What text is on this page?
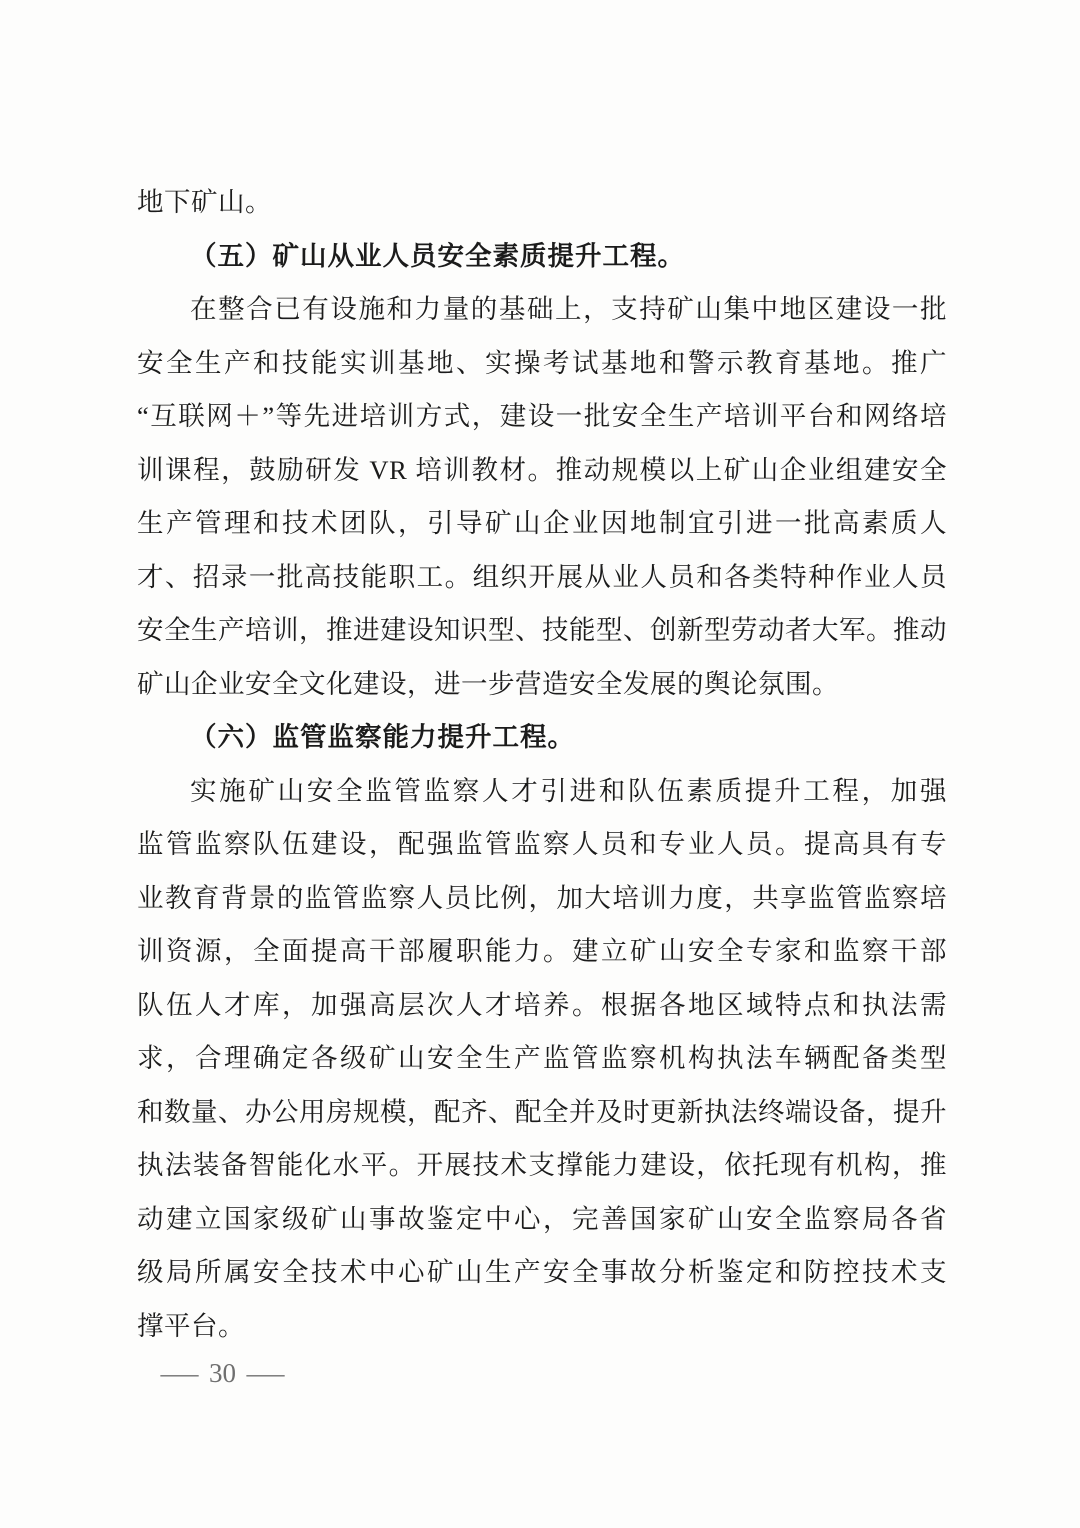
地下矿山。
（五）矿山从业人员安全素质提升工程。
在整合已有设施和力量的基础上，支持矿山集中地区建设一批
安全生产和技能实训基地、实操考试基地和警示教育基地。推广
“互联网＋”等先进培训方式，建设一批安全生产培训平台和网络培
训课程，鼓励研发 VR 培训教材。推动规模以上矿山企业组建安全
生产管理和技术团队，引导矿山企业因地制宜引进一批高素质人
才、招录一批高技能职工。组织开展从业人员和各类特种作业人员
安全生产培训，推进建设知识型、技能型、创新型劳动者大军。推动
矿山企业安全文化建设，进一步营造安全发展的舆论氛围。
（六）监管监察能力提升工程。
实施矿山安全监管监察人才引进和队伍素质提升工程，加强
监管监察队伍建设，配强监管监察人员和专业人员。提高具有专
业教育背景的监管监察人员比例，加大培训力度，共享监管监察培
训资源，全面提高干部履职能力。建立矿山安全专家和监察干部
队伍人才库，加强高层次人才培养。根据各地区域特点和执法需
求，合理确定各级矿山安全生产监管监察机构执法车辆配备类型
和数量、办公用房规模，配齐、配全并及时更新执法终端设备，提升
执法装备智能化水平。开展技术支撑能力建设，依托现有机构，推
动建立国家级矿山事故鉴定中心，完善国家矿山安全监察局各省
级局所属安全技术中心矿山生产安全事故分析鉴定和防控技术支
撑平台。
— 30 —
